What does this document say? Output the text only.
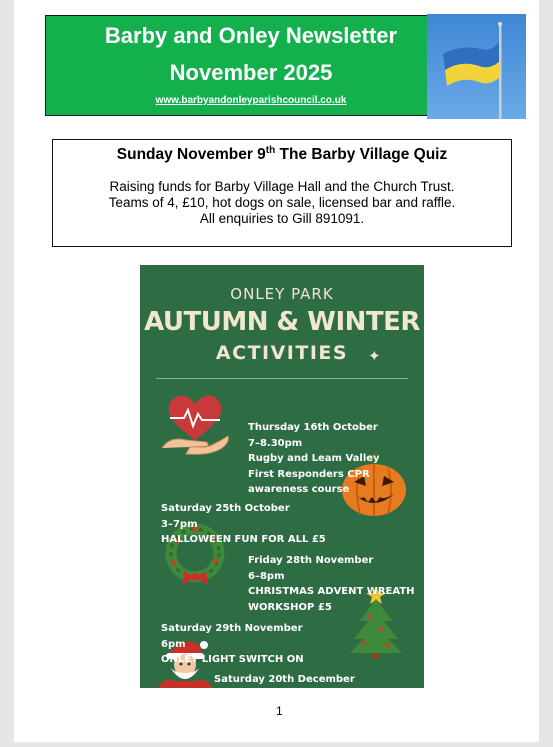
Barby and Onley Newsletter
November 2025
www.barbyandonleyparishcouncil.co.uk
Sunday November 9th The Barby Village Quiz
Raising funds for Barby Village Hall and the Church Trust.
Teams of 4, £10, hot dogs on sale, licensed bar and raffle.
All enquiries to Gill 891091.
ONLEY PARK
AUTUMN & WINTER
ACTIVITIES	✦

Thursday 16th October
7–8.30pm
Rugby and Leam Valley
First Responders CPR
awareness course

Saturday 25th October
3–7pm
HALLOWEEN FUN FOR ALL £5

Friday 28th November
6–8pm
CHRISTMAS ADVENT WREATH
WORKSHOP £5

Saturday 29th November
6pm
ONLEY LIGHT SWITCH ON

Saturday 20th December

1
